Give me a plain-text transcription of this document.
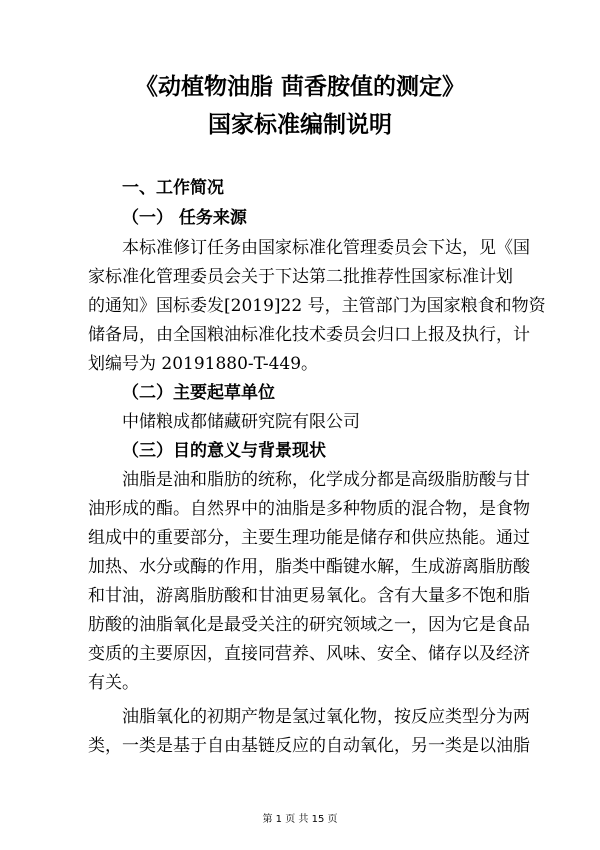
《动植物油脂 茴香胺值的测定》
国家标准编制说明
一、工作简况
（一） 任务来源
本标准修订任务由国家标准化管理委员会下达，见《国
家标准化管理委员会关于下达第二批推荐性国家标准计划
的通知》国标委发[2019]22 号，主管部门为国家粮食和物资
储备局，由全国粮油标准化技术委员会归口上报及执行，计
划编号为 20191880-T-449。
（二）主要起草单位
中储粮成都储藏研究院有限公司
（三）目的意义与背景现状
油脂是油和脂肪的统称，化学成分都是高级脂肪酸与甘
油形成的酯。自然界中的油脂是多种物质的混合物，是食物
组成中的重要部分，主要生理功能是储存和供应热能。通过
加热、水分或酶的作用，脂类中酯键水解，生成游离脂肪酸
和甘油，游离脂肪酸和甘油更易氧化。含有大量多不饱和脂
肪酸的油脂氧化是最受关注的研究领域之一，因为它是食品
变质的主要原因，直接同营养、风味、安全、储存以及经济
有关。
油脂氧化的初期产物是氢过氧化物，按反应类型分为两
类，一类是基于自由基链反应的自动氧化，另一类是以油脂
第 1 页 共 15 页
